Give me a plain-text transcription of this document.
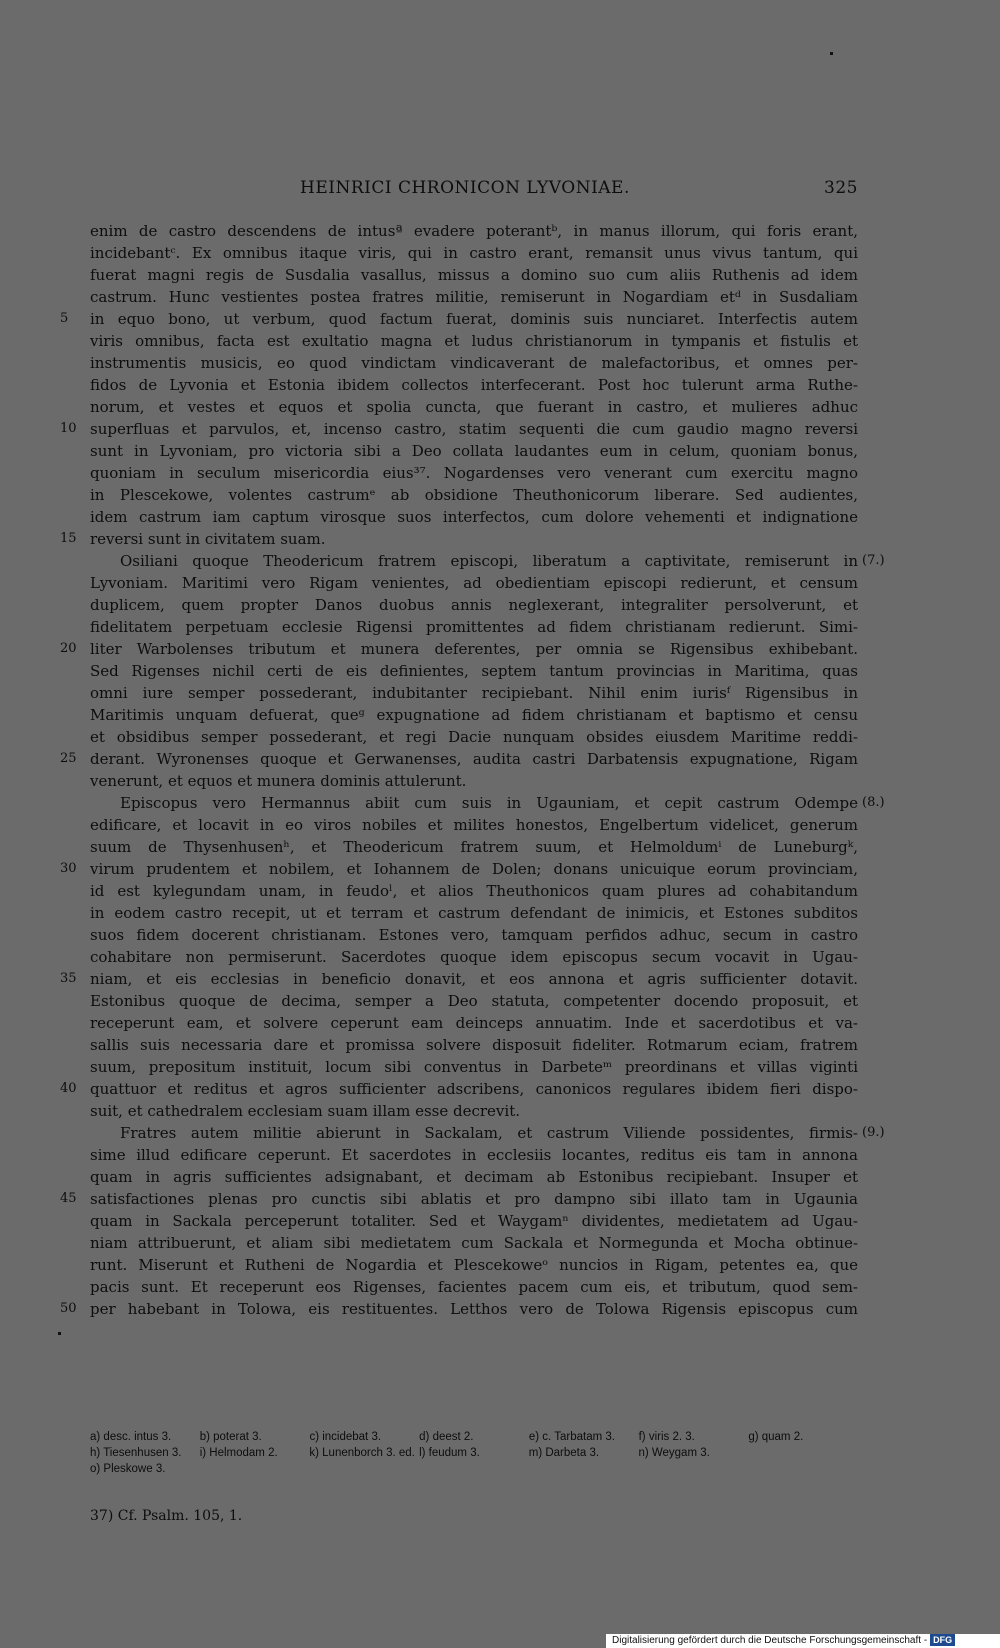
HEINRICI CHRONICON LYVONIAE.	325
enim de castro descendens de intusª evadere poterantᵇ, in manus illorum, qui foris erant,
incidebantᶜ. Ex omnibus itaque viris, qui in castro erant, remansit unus vivus tantum, qui
fuerat magni regis de Susdalia vasallus, missus a domino suo cum aliis Ruthenis ad idem
castrum. Hunc vestientes postea fratres militie, remiserunt in Nogardiam etᵈ in Susdaliam
in equo bono, ut verbum, quod factum fuerat, dominis suis nunciaret. Interfectis autem
5
viris omnibus, facta est exultatio magna et ludus christianorum in tympanis et fistulis et
instrumentis musicis, eo quod vindictam vindicaverant de malefactoribus, et omnes per-
fidos de Lyvonia et Estonia ibidem collectos interfecerant. Post hoc tulerunt arma Ruthe-
norum, et vestes et equos et spolia cuncta, que fuerant in castro, et mulieres adhuc
superfluas et parvulos, et, incenso castro, statim sequenti die cum gaudio magno reversi
10
sunt in Lyvoniam, pro victoria sibi a Deo collata laudantes eum in celum, quoniam bonus,
quoniam in seculum misericordia eius³⁷. Nogardenses vero venerant cum exercitu magno
in Plescekowe, volentes castrumᵉ ab obsidione Theuthonicorum liberare. Sed audientes,
idem castrum iam captum virosque suos interfectos, cum dolore vehementi et indignatione
reversi sunt in civitatem suam.
15
Osiliani quoque Theodericum fratrem episcopi, liberatum a captivitate, remiserunt in (7.)
Lyvoniam. Maritimi vero Rigam venientes, ad obedientiam episcopi redierunt, et censum
duplicem, quem propter Danos duobus annis neglexerant, integraliter persolverunt, et
fidelitatem perpetuam ecclesie Rigensi promittentes ad fidem christianam redierunt. Simi-
liter Warbolenses tributum et munera deferentes, per omnia se Rigensibus exhibebant.
20
Sed Rigenses nichil certi de eis definientes, septem tantum provincias in Maritima, quas
omni iure semper possederant, indubitanter recipiebant. Nihil enim iurisᶠ Rigensibus in
Maritimis unquam defuerat, queᵍ expugnatione ad fidem christianam et baptismo et censu
et obsidibus semper possederant, et regi Dacie nunquam obsides eiusdem Maritime reddi-
derant. Wyronenses quoque et Gerwanenses, audita castri Darbatensis expugnatione, Rigam
25
venerunt, et equos et munera dominis attulerunt.
Episcopus vero Hermannus abiit cum suis in Ugauniam, et cepit castrum Odempe (8.)
edificare, et locavit in eo viros nobiles et milites honestos, Engelbertum videlicet, generum
suum de Thysenhusenʰ, et Theodericum fratrem suum, et Helmoldumⁱ de Luneburgᵏ,
virum prudentem et nobilem, et Iohannem de Dolen; donans unicuique eorum provinciam,
30
id est kylegundam unam, in feudoˡ, et alios Theuthonicos quam plures ad cohabitandum
in eodem castro recepit, ut et terram et castrum defendant de inimicis, et Estones subditos
suos fidem docerent christianam. Estones vero, tamquam perfidos adhuc, secum in castro
cohabitare non permiserunt. Sacerdotes quoque idem episcopus secum vocavit in Ugau-
niam, et eis ecclesias in beneficio donavit, et eos annona et agris sufficienter dotavit.
35
Estonibus quoque de decima, semper a Deo statuta, competenter docendo proposuit, et
receperunt eam, et solvere ceperunt eam deinceps annuatim. Inde et sacerdotibus et va-
sallis suis necessaria dare et promissa solvere disposuit fideliter. Rotmarum eciam, fratrem
suum, prepositum instituit, locum sibi conventus in Darbeteᵐ preordinans et villas viginti
quattuor et reditus et agros sufficienter adscribens, canonicos regulares ibidem fieri dispo-
40
suit, et cathedralem ecclesiam suam illam esse decrevit.
Fratres autem militie abierunt in Sackalam, et castrum Viliende possidentes, firmis- (9.)
sime illud edificare ceperunt. Et sacerdotes in ecclesiis locantes, reditus eis tam in annona
quam in agris sufficientes adsignabant, et decimam ab Estonibus recipiebant. Insuper et
satisfactiones plenas pro cunctis sibi ablatis et pro dampno sibi illato tam in Ugaunia
45
quam in Sackala perceperunt totaliter. Sed et Waygamⁿ dividentes, medietatem ad Ugau-
niam attribuerunt, et aliam sibi medietatem cum Sackala et Normegunda et Mocha obtinue-
runt. Miserunt et Rutheni de Nogardia et Plescekoweᵒ nuncios in Rigam, petentes ea, que
pacis sunt. Et receperunt eos Rigenses, facientes pacem cum eis, et tributum, quod sem-
per habebant in Tolowa, eis restituentes. Letthos vero de Tolowa Rigensis episcopus cum
50
a) desc. intus 3.	b) poterat 3.	c) incidebat 3.	d) deest 2.	e) c. Tarbatam 3.	f) viris 2. 3.	g) quam 2.
h) Tiesenhusen 3.	i) Helmodam 2.	k) Lunenborch 3. ed. l) feudum 3.	m) Darbeta 3.	n) Weygam 3.
o) Pleskowe 3.
37) Cf. Psalm. 105, 1.
Digitalisierung gefördert durch die Deutsche Forschungsgemeinschaft - DFG
